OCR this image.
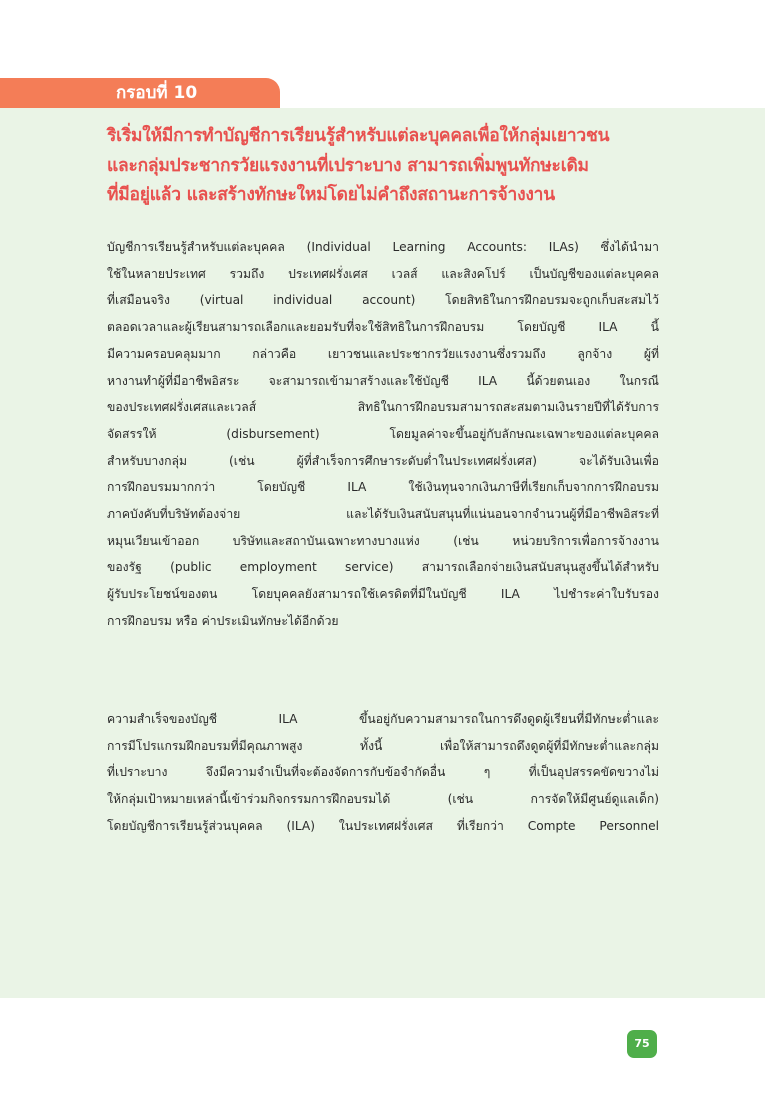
กรอบที่ 10
ริเริ่มให้มีการทำบัญชีการเรียนรู้สำหรับแต่ละบุคคลเพื่อให้กลุ่มเยาวชน
และกลุ่มประชากรวัยแรงงานที่เปราะบาง สามารถเพิ่มพูนทักษะเดิม
ที่มีอยู่แล้ว และสร้างทักษะใหม่โดยไม่คำถึงสถานะการจ้างงาน
บัญชีการเรียนรู้สำหรับแต่ละบุคคล (Individual Learning Accounts: ILAs) ซึ่งได้นำมา
ใช้ในหลายประเทศ รวมถึง ประเทศฝรั่งเศส เวลส์ และสิงคโปร์ เป็นบัญชีของแต่ละบุคคล
ที่เสมือนจริง (virtual individual account) โดยสิทธิในการฝึกอบรมจะถูกเก็บสะสมไว้
ตลอดเวลาและผู้เรียนสามารถเลือกและยอมรับที่จะใช้สิทธิในการฝึกอบรม โดยบัญชี ILA นี้
มีความครอบคลุมมาก กล่าวคือ เยาวชนและประชากรวัยแรงงานซึ่งรวมถึง ลูกจ้าง ผู้ที่
หางานทำผู้ที่มีอาชีพอิสระ จะสามารถเข้ามาสร้างและใช้บัญชี ILA นี้ด้วยตนเอง ในกรณี
ของประเทศฝรั่งเศสและเวลส์ สิทธิในการฝึกอบรมสามารถสะสมตามเงินรายปีที่ได้รับการ
จัดสรรให้ (disbursement) โดยมูลค่าจะขึ้นอยู่กับลักษณะเฉพาะของแต่ละบุคคล
สำหรับบางกลุ่ม (เช่น ผู้ที่สำเร็จการศึกษาระดับต่ำในประเทศฝรั่งเศส) จะได้รับเงินเพื่อ
การฝึกอบรมมากกว่า โดยบัญชี ILA ใช้เงินทุนจากเงินภาษีที่เรียกเก็บจากการฝึกอบรม
ภาคบังคับที่บริษัทต้องจ่าย และได้รับเงินสนับสนุนที่แน่นอนจากจำนวนผู้ที่มีอาชีพอิสระที่
หมุนเวียนเข้าออก บริษัทและสถาบันเฉพาะทางบางแห่ง (เช่น หน่วยบริการเพื่อการจ้างงาน
ของรัฐ (public employment service) สามารถเลือกจ่ายเงินสนับสนุนสูงขึ้นได้สำหรับ
ผู้รับประโยชน์ของตน โดยบุคคลยังสามารถใช้เครดิตที่มีในบัญชี ILA ไปชำระค่าใบรับรอง
การฝึกอบรม หรือ ค่าประเมินทักษะได้อีกด้วย
ความสำเร็จของบัญชี ILA ขึ้นอยู่กับความสามารถในการดึงดูดผู้เรียนที่มีทักษะต่ำและ
การมีโปรแกรมฝึกอบรมที่มีคุณภาพสูง ทั้งนี้ เพื่อให้สามารถดึงดูดผู้ที่มีทักษะต่ำและกลุ่ม
ที่เปราะบาง จึงมีความจำเป็นที่จะต้องจัดการกับข้อจำกัดอื่น ๆ ที่เป็นอุปสรรคขัดขวางไม่
ให้กลุ่มเป้าหมายเหล่านี้เข้าร่วมกิจกรรมการฝึกอบรมได้ (เช่น การจัดให้มีศูนย์ดูแลเด็ก)
โดยบัญชีการเรียนรู้ส่วนบุคคล (ILA) ในประเทศฝรั่งเศส ที่เรียกว่า Compte Personnel
75
